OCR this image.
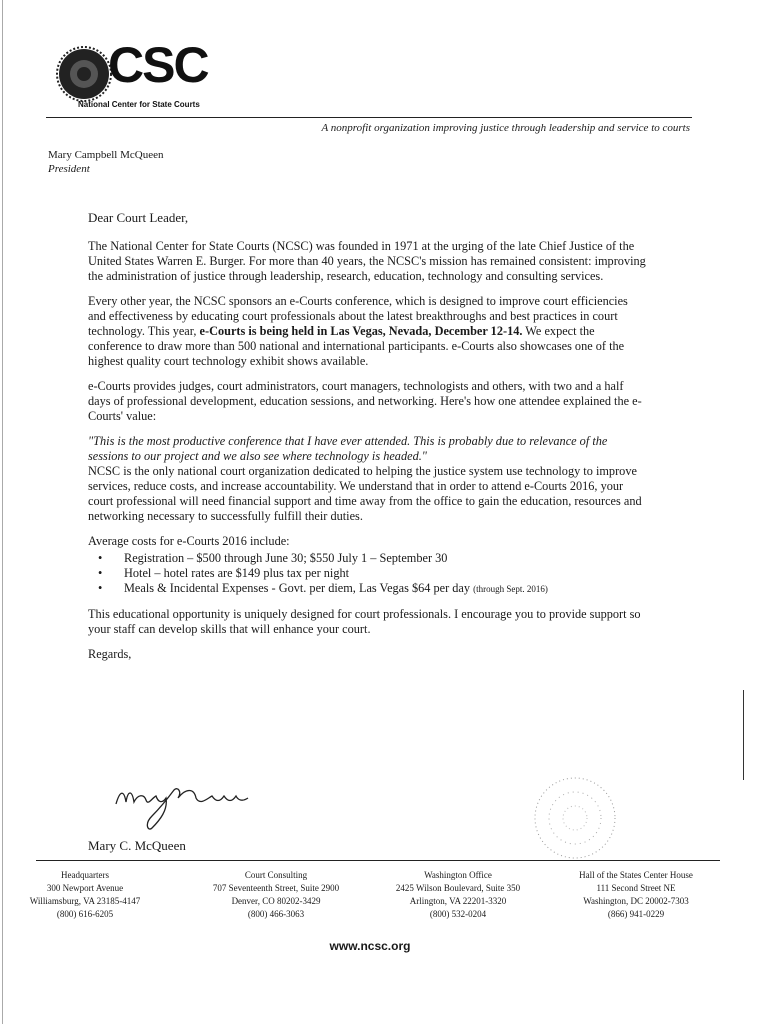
CSC
National Center for State Courts
A nonprofit organization improving justice through leadership and service to courts
Mary Campbell McQueen
President

Dear Court Leader,

The National Center for State Courts (NCSC) was founded in 1971 at the urging of the late Chief Justice of the United States Warren E. Burger. For more than 40 years, the NCSC's mission has remained consistent: improving the administration of justice through leadership, research, education, technology and consulting services.

Every other year, the NCSC sponsors an e-Courts conference, which is designed to improve court efficiencies and effectiveness by educating court professionals about the latest breakthroughs and best practices in court technology. This year, e-Courts is being held in Las Vegas, Nevada, December 12-14. We expect the conference to draw more than 500 national and international participants. e-Courts also showcases one of the highest quality court technology exhibit shows available.

e-Courts provides judges, court administrators, court managers, technologists and others, with two and a half days of professional development, education sessions, and networking. Here's how one attendee explained the e-Courts' value:

"This is the most productive conference that I have ever attended. This is probably due to relevance of the sessions to our project and we also see where technology is headed."

NCSC is the only national court organization dedicated to helping the justice system use technology to improve services, reduce costs, and increase accountability. We understand that in order to attend e-Courts 2016, your court professional will need financial support and time away from the office to gain the education, resources and networking necessary to successfully fulfill their duties.

Average costs for e-Courts 2016 include:

• Registration – $500 through June 30; $550 July 1 – September 30
• Hotel – hotel rates are $149 plus tax per night
• Meals & Incidental Expenses - Govt. per diem, Las Vegas $64 per day (through Sept. 2016)

This educational opportunity is uniquely designed for court professionals. I encourage you to provide support so your staff can develop skills that will enhance your court.

Regards,

Mary C. McQueen
Headquarters
300 Newport Avenue
Williamsburg, VA 23185-4147
(800) 616-6205
Court Consulting
707 Seventeenth Street, Suite 2900
Denver, CO 80202-3429
(800) 466-3063
Washington Office
2425 Wilson Boulevard, Suite 350
Arlington, VA 22201-3320
(800) 532-0204
Hall of the States Center House
111 Second Street NE
Washington, DC 20002-7303
(866) 941-0229
www.ncsc.org
